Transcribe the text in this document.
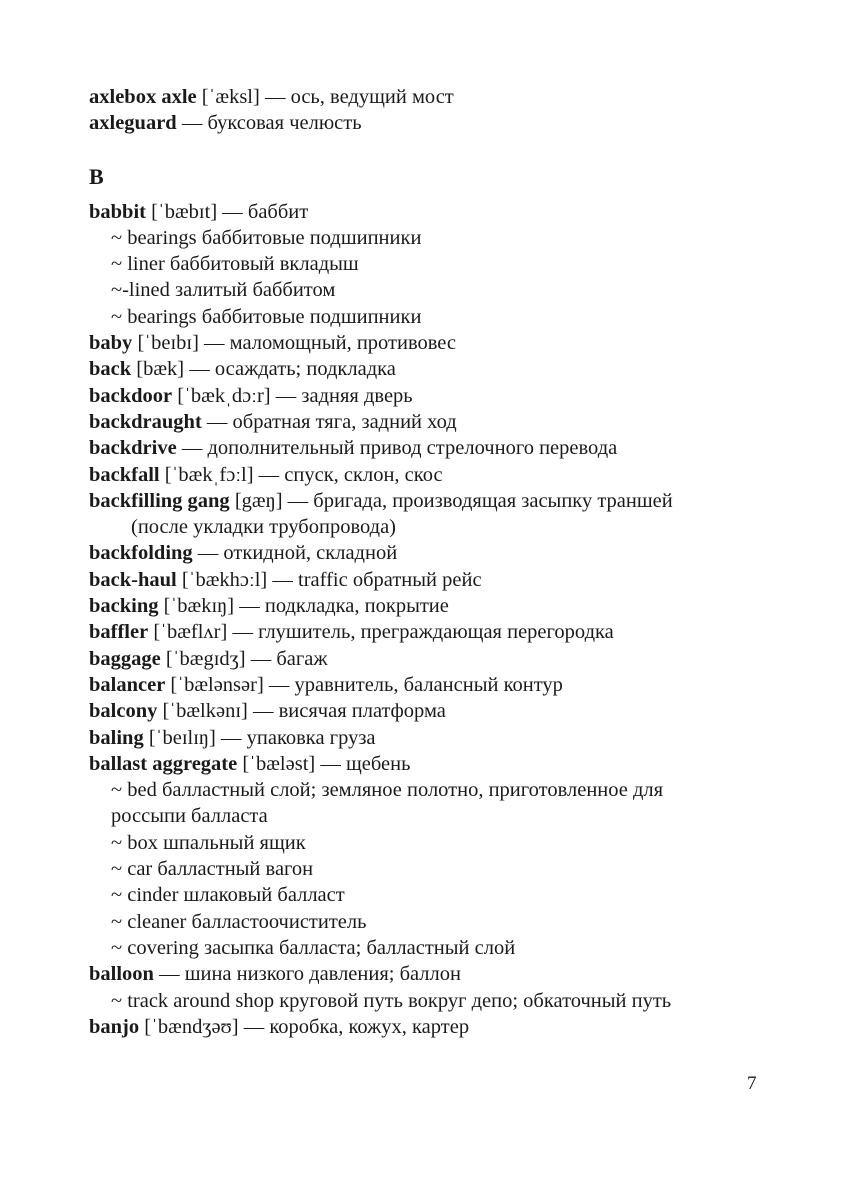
axlebox axle [ˈæksl] — ось, ведущий мост
axleguard — буксовая челюсть
B
babbit [ˈbæbɪt] — баббит
~ bearings баббитовые подшипники
~ liner баббитовый вкладыш
~-lined залитый баббитом
~ bearings баббитовые подшипники
baby [ˈbeɪbɪ] — маломощный, противовес
back [bæk] — осаждать; подкладка
backdoor [ˈbækˌdɔːr] — задняя дверь
backdraught — обратная тяга, задний ход
backdrive — дополнительный привод стрелочного перевода
backfall [ˈbækˌfɔːl] — спуск, склон, скос
backfilling gang [gæŋ] — бригада, производящая засыпку траншей
(после укладки трубопровода)
backfolding — откидной, складной
back-haul [ˈbækhɔːl] — traffic обратный рейс
backing [ˈbækɪŋ] — подкладка, покрытие
baffler [ˈbæflʌr] — глушитель, преграждающая перегородка
baggage [ˈbægɪdʒ] — багаж
balancer [ˈbælənsər] — уравнитель, балансный контур
balcony [ˈbælkənɪ] — висячая платформа
baling [ˈbeɪlɪŋ] — упаковка груза
ballast aggregate [ˈbæləst] — щебень
~ bed балластный слой; земляное полотно, приготовленное для
россыпи балласта
~ box шпальный ящик
~ car балластный вагон
~ cinder шлаковый балласт
~ cleaner балластоочиститель
~ covering засыпка балласта; балластный слой
balloon — шина низкого давления; баллон
~ track around shop круговой путь вокруг депо; обкаточный путь
banjo [ˈbændʒəʊ] — коробка, кожух, картер
7
